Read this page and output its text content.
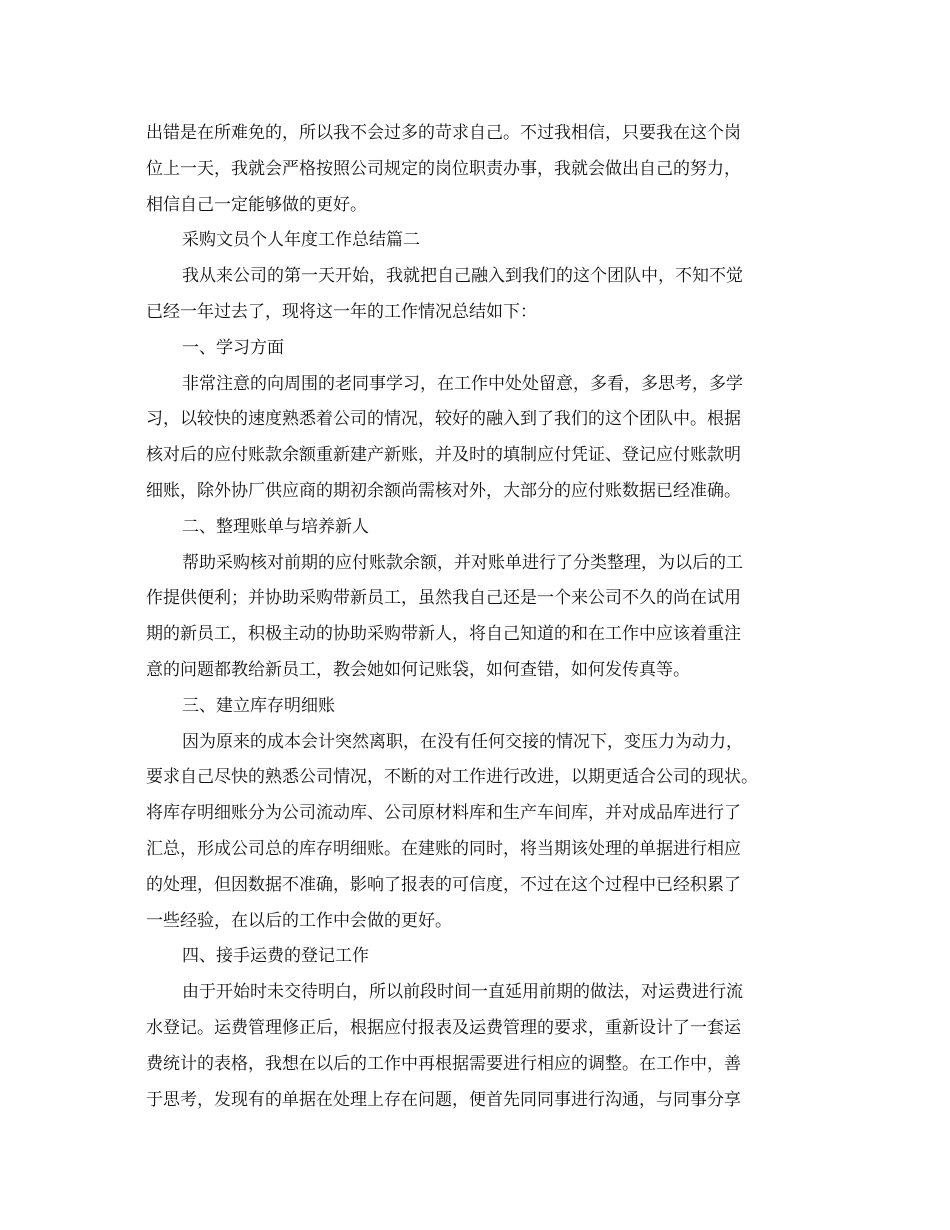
出错是在所难免的，所以我不会过多的苛求自己。不过我相信，只要我在这个岗
位上一天，我就会严格按照公司规定的岗位职责办事，我就会做出自己的努力，
相信自己一定能够做的更好。
采购文员个人年度工作总结篇二
我从来公司的第一天开始，我就把自己融入到我们的这个团队中，不知不觉
已经一年过去了，现将这一年的工作情况总结如下：
一、学习方面
非常注意的向周围的老同事学习，在工作中处处留意，多看，多思考，多学
习，以较快的速度熟悉着公司的情况，较好的融入到了我们的这个团队中。根据
核对后的应付账款余额重新建产新账，并及时的填制应付凭证、登记应付账款明
细账，除外协厂供应商的期初余额尚需核对外，大部分的应付账数据已经准确。
二、整理账单与培养新人
帮助采购核对前期的应付账款余额，并对账单进行了分类整理，为以后的工
作提供便利；并协助采购带新员工，虽然我自己还是一个来公司不久的尚在试用
期的新员工，积极主动的协助采购带新人，将自己知道的和在工作中应该着重注
意的问题都教给新员工，教会她如何记账袋，如何查错，如何发传真等。
三、建立库存明细账
因为原来的成本会计突然离职，在没有任何交接的情况下，变压力为动力，
要求自己尽快的熟悉公司情况，不断的对工作进行改进，以期更适合公司的现状。
将库存明细账分为公司流动库、公司原材料库和生产车间库，并对成品库进行了
汇总，形成公司总的库存明细账。在建账的同时，将当期该处理的单据进行相应
的处理，但因数据不准确，影响了报表的可信度，不过在这个过程中已经积累了
一些经验，在以后的工作中会做的更好。
四、接手运费的登记工作
由于开始时未交待明白，所以前段时间一直延用前期的做法，对运费进行流
水登记。运费管理修正后，根据应付报表及运费管理的要求，重新设计了一套运
费统计的表格，我想在以后的工作中再根据需要进行相应的调整。在工作中，善
于思考，发现有的单据在处理上存在问题，便首先同同事进行沟通，与同事分享
